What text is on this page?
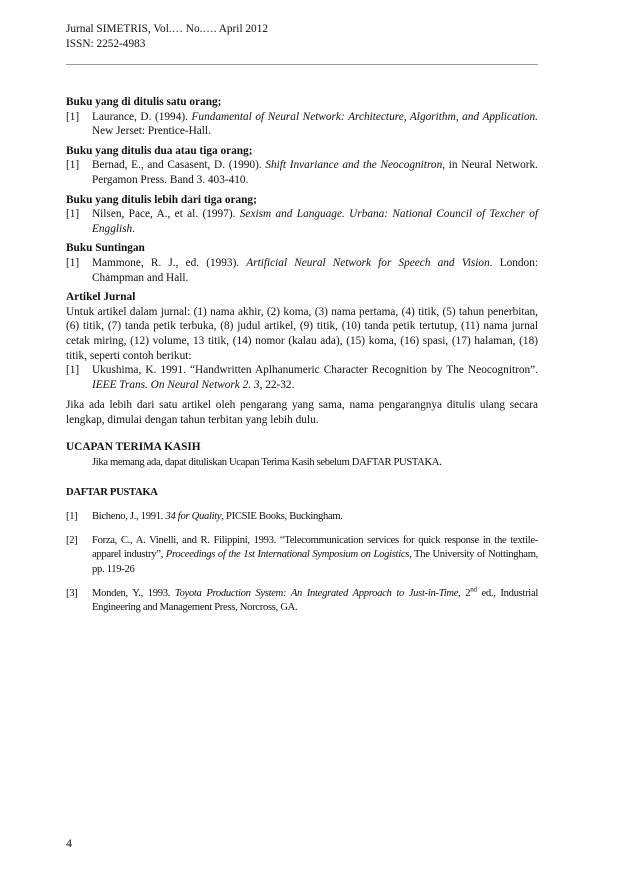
Jurnal SIMETRIS, Vol.… No.…. April 2012
ISSN: 2252-4983
Buku yang di ditulis satu orang;
[1]	Laurance, D. (1994). Fundamental of Neural Network: Architecture, Algorithm, and Application. New Jerset: Prentice-Hall.
Buku yang ditulis dua atau tiga orang;
[1]	Bernad, E., and Casasent, D. (1990). Shift Invariance and the Neocognitron, in Neural Network. Pergamon Press. Band 3. 403-410.
Buku yang ditulis lebih dari tiga orang;
[1]	Nilsen, Pace, A., et al. (1997). Sexism and Language. Urbana: National Council of Texcher of Engglish.
Buku Suntingan
[1]	Mammone, R. J., ed. (1993). Artificial Neural Network for Speech and Vision. London: Champman and Hall.
Artikel Jurnal

Untuk artikel dalam jurnal: (1) nama akhir, (2) koma, (3) nama pertama, (4) titik, (5) tahun penerbitan, (6) titik, (7) tanda petik terbuka, (8) judul artikel, (9) titik, (10) tanda petik tertutup, (11) nama jurnal cetak miring, (12) volume, 13 titik, (14) nomor (kalau ada), (15) koma, (16) spasi, (17) halaman, (18) titik, seperti contoh berikut:

[1]	Ukushima, K. 1991. “Handwritten Aplhanumeric Character Recognition by The Neocognitron”. IEEE Trans. On Neural Network 2. 3, 22-32.

Jika ada lebih dari satu artikel oleh pengarang yang sama, nama pengarangnya ditulis ulang secara lengkap, dimulai dengan tahun terbitan yang lebih dulu.

UCAPAN TERIMA KASIH
Jika memang ada, dapat dituliskan Ucapan Terima Kasih sebelum DAFTAR PUSTAKA.
DAFTAR PUSTAKA
[1]	Bicheno, J., 1991. 34 for Quality, PICSIE Books, Buckingham.
[2]	Forza, C., A. Vinelli, and R. Filippini, 1993. “Telecommunication services for quick response in the textile-apparel industry”, Proceedings of the 1st International Symposium on Logistics, The University of Nottingham, pp. 119-26
[3]	Monden, Y., 1993. Toyota Production System: An Integrated Approach to Just-in-Time, 2nd ed., Industrial Engineering and Management Press, Norcross, GA.
4
